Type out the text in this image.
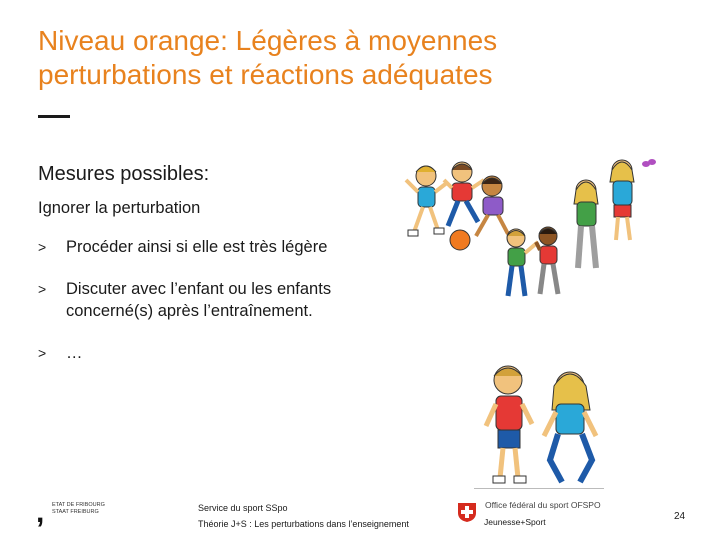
Niveau orange: Légères à moyennes
perturbations et réactions adéquates
Mesures possibles:
Ignorer la perturbation
> Procéder ainsi si elle est très légère
> Discuter avec l’enfant ou les enfants concerné(s) après l’entraînement.
> …
, ETAT DE FRIBOURG STAAT FREIBURG	Service du sport SSpo
Théorie J+S : Les perturbations dans l’enseignement
Office fédéral du sport OFSPO
Jeunesse+Sport	24
